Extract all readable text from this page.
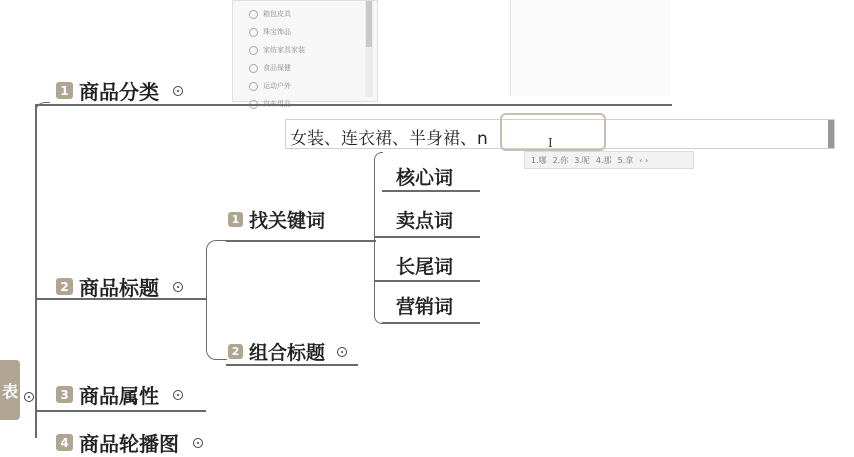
箱包皮具
珠宝饰品
家纺家具家装
食品保健
运动户外
表
1 商品分类
2 商品标题
3 商品属性
4 商品轮播图
1 找关键词
2 组合标题
核心词
卖点词
长尾词
营销词
女装、连衣裙、半身裙、n	I
1.哪 2.你 3.呢 4.那 5.拿 ‹ ›
